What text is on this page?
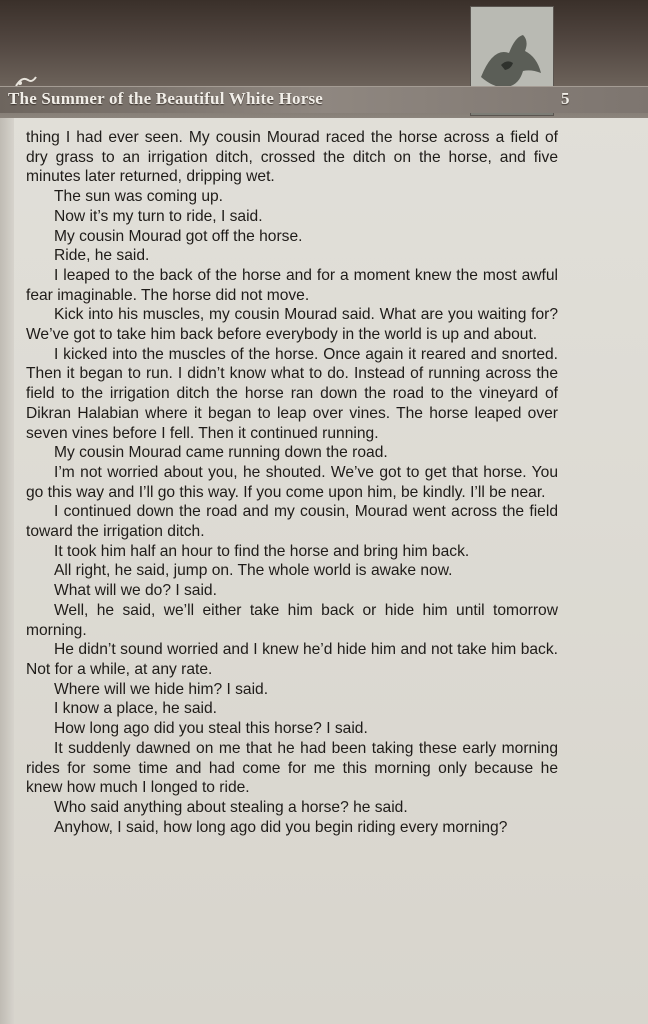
The Summer of the Beautiful White Horse	5

thing I had ever seen. My cousin Mourad raced the horse across a field of dry grass to an irrigation ditch, crossed the ditch on the horse, and five minutes later returned, dripping wet.

The sun was coming up.

Now it’s my turn to ride, I said.

My cousin Mourad got off the horse.

Ride, he said.

I leaped to the back of the horse and for a moment knew the most awful fear imaginable. The horse did not move.

Kick into his muscles, my cousin Mourad said. What are you waiting for? We’ve got to take him back before everybody in the world is up and about.

I kicked into the muscles of the horse. Once again it reared and snorted. Then it began to run. I didn’t know what to do. Instead of running across the field to the irrigation ditch the horse ran down the road to the vineyard of Dikran Halabian where it began to leap over vines. The horse leaped over seven vines before I fell. Then it continued running.

My cousin Mourad came running down the road.

I’m not worried about you, he shouted. We’ve got to get that horse. You go this way and I’ll go this way. If you come upon him, be kindly. I’ll be near.

I continued down the road and my cousin, Mourad went across the field toward the irrigation ditch.

It took him half an hour to find the horse and bring him back.

All right, he said, jump on. The whole world is awake now.

What will we do? I said.

Well, he said, we’ll either take him back or hide him until tomorrow morning.

He didn’t sound worried and I knew he’d hide him and not take him back. Not for a while, at any rate.

Where will we hide him? I said.

I know a place, he said.

How long ago did you steal this horse? I said.

It suddenly dawned on me that he had been taking these early morning rides for some time and had come for me this morning only because he knew how much I longed to ride.

Who said anything about stealing a horse? he said.

Anyhow, I said, how long ago did you begin riding every morning?
